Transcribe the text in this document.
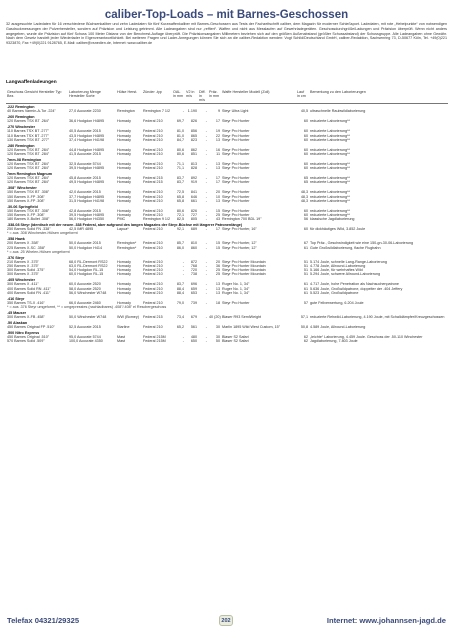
caliber-Top-Loads – mit Barnes-Geschossen
32 ausgesuchte Ladedaten für 16 verschiedene Büchsenkaliber und zehn Ladedaten für fünf Kurzwaffenkaliber mit Barnes-Geschossen aus Tests der Fachzeitschrift caliber, dem Magazin für moderner Schießsport. Ladedaten, mit rote „Hebelpunkte“ von notwendigen Gasdruckmessungen der Pulverhersteller, sondern auf Präzision und Leistung getrimmt. Alle Ladeangaben sind nur „reffiert“. Waffen und nicht aus Messlaufen auf Gewehrladegeräten. Geschossdurchgröße/Ladungen und Präzision überprüft. Wenn nicht anders angegeben, wurde die Präzision auf fünf Schuss 100 Meter Distanz von der Benchrest-Auflage überprüft. Die Präzisionsangaben Millimetern beziehen sich auf den größten Außenabstand (größter Schussabstand) der Schussgruppe. Alle Ladeangaben ohne Gewähr. Nach dem Gesetz handelt jeder Wiederlader in Eigenverantwortlichkeit. Bei weiteren Fragen und Lader-Anregungen können Sie sich an die caliber-Redaktion wenden: Vogt Schild/Deutschland GmbH, caliber-Redaktion, Sachsenring 73, D-50677 Köln, Tel. +49(0)221 9323870, Fax +49(0)221 9128765, E-Mail: caliber@vsnedien.de, Internet: www.caliber.de
Langwaffenladeungen
Geschoss Gewicht Hersteller Typ Bez.	Laborierung Menge Hersteller Sorte	Hülse Herst.	Zünder -typ	OAL in mm	V2 in m/s	Diff. in m/s	Präz. in mm	Waffe Hersteller Modell (Zoll)	Lauf in cm	Bemerkung zu den Laborierungen
.222 Remington										
40 Barnes Varmin-A-Tor .224"	27,0 Accurate 2230	Remington	Remington 7 1/2	-	1.190	-	9	Steyr Ultra Light	40,5	ultraschnelle Raubwildlaborierung
.260 Remington										
120 Barnes TSX BT .264"	36,6 Hodgdon H4895	Hornady	Federal 210	69,7	826	-	17	Steyr Pro Hunter	60	reduzierte Laborierung**
.270 Winchester										
110 Barnes TSX BT .277"	40,5 Accurate 2015	Hornady	Federal 210	81,0	856	-	19	Steyr Pro Hunter	60	reduzierte Laborierung**
110 Barnes TSX BT .277"	43,5 Hodgdon H4895	Hornady	Federal 210	81,0	865	-	22	Steyr Pro Hunter	60	reduzierte Laborierung**
130 Barnes TSX BT .277"	37,4 Hodgdon H4198	Hornady	Federal 210	84,7	823	-	13	Steyr Pro Hunter	60	reduzierte Laborierung**
.280 Remington										
120 Barnes TSX BT .284"	44,8 Hodgdon H4895	Hornady	Federal 210	80,6	862	-	16	Steyr Pro Hunter	60	reduzierte Laborierung**
120 Barnes TSX BT .284"	41,5 Accurate 2015	Hornady	Federal 210	80,6	851	-	11	Steyr Pro Hunter	60	reduzierte Laborierung**
7mm-08 Remington										
120 Barnes TSX BT .284"	32,5 Accurate 5744	Hornady	Federal 210	71,1	813	-	13	Steyr Pro Hunter	60	reduzierte Laborierung**
120 Barnes TSX BT .284"	39,5 Hodgdon H4895	Hornady	Federal 210	71,1	828	-	13	Steyr Pro Hunter	60	reduzierte Laborierung**
7mm Remington Magnum										
120 Barnes TSX BT .284"	45,8 Accurate 2015	Hornady	Federal 215	83,7	892	-	17	Steyr Pro Hunter	65	reduzierte Laborierung**
120 Barnes TSX BT .284"	49,5 Hodgdon H4895	Hornady	Federal 215	83,7	919	-	17	Steyr Pro Hunter	65	reduzierte Laborierung**
.308" Winchester										
150 Barnes TSX BT .308"	42,0 Accurate 2015	Hornady	Federal 210	72,5	841	-	20	Steyr Pro Hunter	48,3	reduzierte Laborierung**
150 Barnes X-FP .308"	37,7 Hodgdon H4895	Hornady	Federal 210	65,8	646	-	10	Steyr Pro Hunter	48,3	reduzierte Laborierung**
150 Barnes X-FP .308"	31,5 Hodgdon H4198	Hornady	Federal 210	65,8	661	-	13	Steyr Pro Hunter	48,3	reduzierte Laborierung**
.30-06 Springfield										
150 Barnes TSX BT .308"	42,8 Accurate 2015	Hornady	Federal 210	80,6	826	-	15	Steyr Pro Hunter	60	reduzierte Laborierung**
150 Barnes X-FP .308"	39,5 Hodgdon H4895	Hornady	Federal 210	72,1	727	-	25	Steyr Pro Hunter	60	reduzierte Laborierung**
180 Barnes X-Bullet .308"	56,0 Hodgdon H4350	PMC	Remington 9 1/2	82,5	805	-	43	Remington 700 BDL 19"	56	klassische Jagdlaborierung
.338-08 Steyr (identisch mit der neuen .338 Federal, aber aufgrund des langen Magazins der Steyr-Büchse mit längerer Patronenlänge)										
250 Barnes Solid FN .338"	42,5 IMR 4895	Lapua*	Federal 210	92,1	689	-	17	Steyr Pro Hunter, 16"	60	für dickhäutiges Wild, 3.852 Joule
* = aus .308 Winchester-Hülsen umgeformt										
.358 Hawk										
200 Barnes X .358"	50,0 Accurate 2015	Remington*	Federal 210	85,7	810	-	15	Steyr Pro Hunter, 12"	67	Top Präz., Geschwindigkeit wie eine 150-gn-30-06-Laborierung
225 Barnes X-SC .358"	50,0 Hodgdon H414	Remington*	Federal 210	86,0	860	-	15	Steyr Pro Hunter, 12"	61	Gute Großwildlaborierung, flache Flugbahn
* = aus .25 Whelen-Hülsen umgeformt										
.376 Steyr										
210 Barnes X .375"	68,0 RL-Dermont RS22	Hornady	Federal 210	-	872	-	20	Steyr Pro Hunter Mountain	51	5.174 Joule, schnelle Lang-Range-Laborierung
250 Barnes X .375"	63,0 RL-Dermont RS22	Hornady	Federal 210	-	768	-	36	Steyr Pro Hunter Mountain	51	4.778 Joule, Allround-Laborierung
300 Barnes Solid .375"	54,0 Hodgdon RL-15	Hornady	Federal 210	-	720	-	25	Steyr Pro Hunter Mountain	51	5.166 Joule, für wehrhaftes Wild
300 Barnes X .375"	60,0 Hodgdon RL-15	Hornady	Federal 210	-	738	-	25	Steyr Pro Hunter Mountain	51	5.294 Joule, schwere Allround-Laborierung
.405 Winchester										
300 Barnes X .411"	60,0 Accurate 2520	Hornady	Federal 210	83,7	696	-	13	Ruger No. 1, 34"	61	4.717 Joule, hohe Penetration als Nachsuchenpatrone
400 Barnes Solid RN .411"	58,0 Accurate 2520	Hornady	Federal 210	88,4	659	-	13	Ruger No. 1, 34"	61	5.636 Joule, Großwildpatrone, doppelter der .404 Jeffery
400 Barnes Solid FN .411"	56,0 Winchester W748	Hornady	Federal 210	88,4	653	-	13	Ruger No. 1, 34"	61	5.523 Joule, Großwildpatrone
.416 Steyr										
350 Barnes TS-X .416"	66,0 Accurate 2460	Hornady	Federal 210	79,0	739	-	18	Steyr Pro Hunter	57	gute Fellverwertung, 6.204 Joule
* = aus .376 Steyr umgeformt, ** = umgepresstes (nachladbares) .408"/.408" el Rescbergeschoss										
.45 Mauser										
300 Barnes X-FB .458"	50,0 Winchester W748	WW (Bomey)	Federal 215	73,4	679	-	40 (20)	Blaser R93 SemiWeight	57,1	reduzierte Rehwild-Laborierung, 4.190 Joule, mit Schalldämpfer/Kreuzgeschossen
.50 Alaskan										
450 Barnes Original FP .510"	52,5 Accurate 2015	Starline	Federal 210	65,2	561	-	30	Marlin 1895 Wild West Custom, 15"	50,8	4.589 Joule, Allround-Laborierung
.500 Nitro Express										
450 Barnes Original .510"	95,0 Accurate 5744	Mast	Federal 215M	-	480	-	30	Blaser S2 Safari	62	„leichte“ Laborierung, 4.459 Joule. Geschoss der .50-110 Winchester
570 Barnes Solid .509"	100,0 Accurate 4350	Mast	Federal 215M	-	650	-	50	Blaser S2 Safari	62	Jagdlaborierung, 7.803 Joule
Telefax 04321/29325	202	Internet: www.johannsen-jagd.de
